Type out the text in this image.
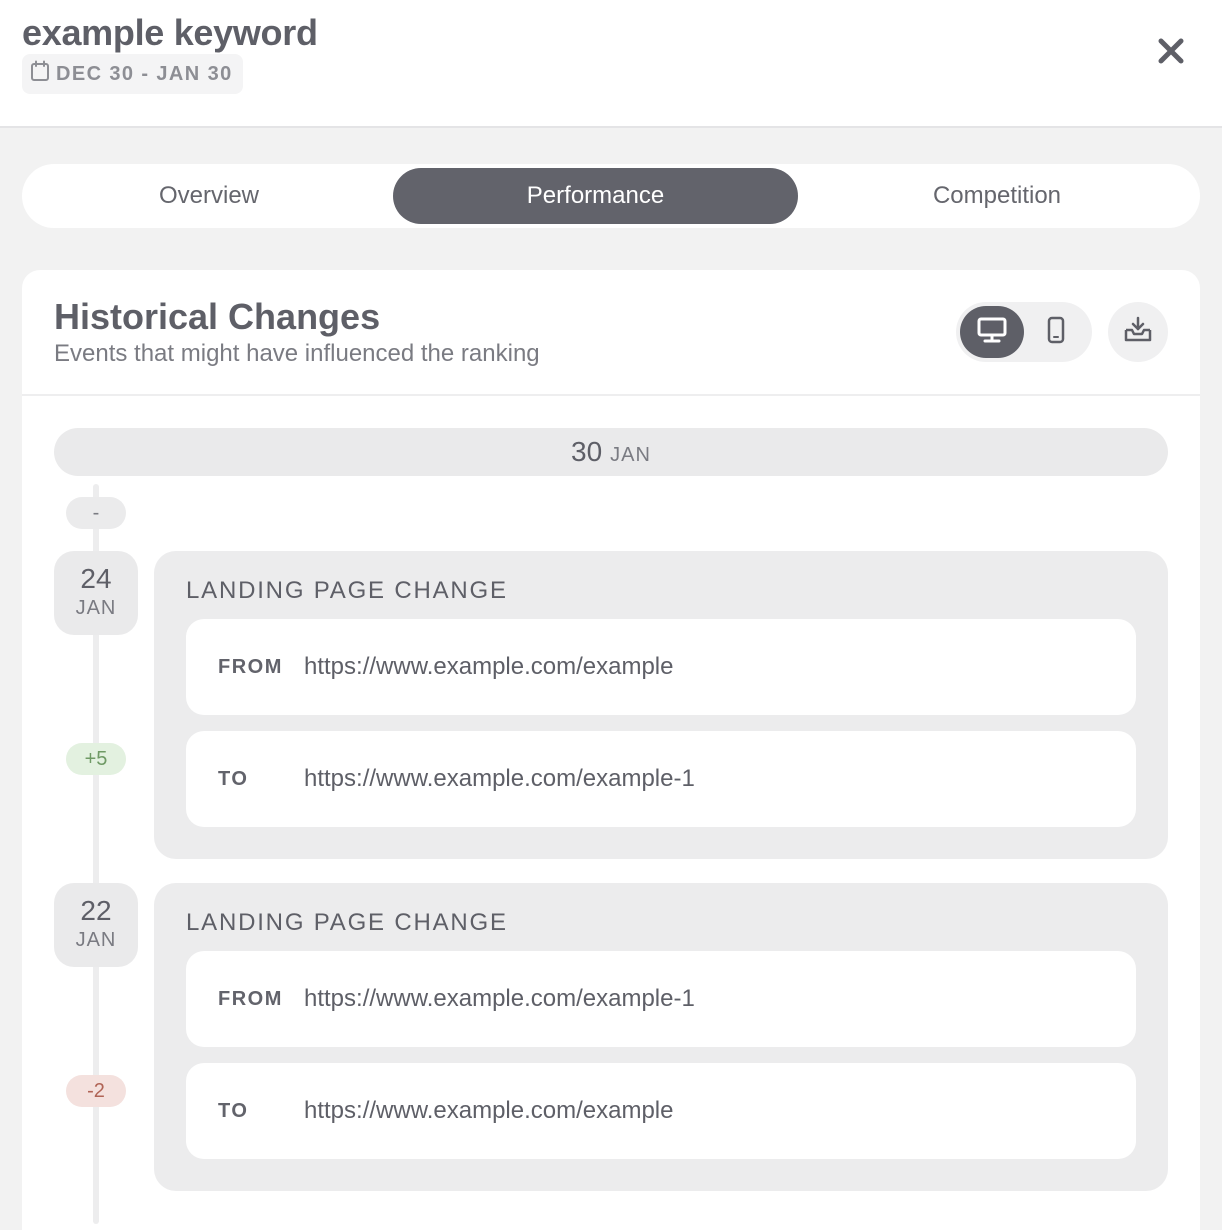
example keyword
DEC 30 - JAN 30
Overview	Performance	Competition
Historical Changes
Events that might have influenced the ranking
30 JAN
-
24
JAN
+5
LANDING PAGE CHANGE
FROM https://www.example.com/example
TO	https://www.example.com/example-1
22
JAN
-2
LANDING PAGE CHANGE
FROM https://www.example.com/example-1
TO	https://www.example.com/example
